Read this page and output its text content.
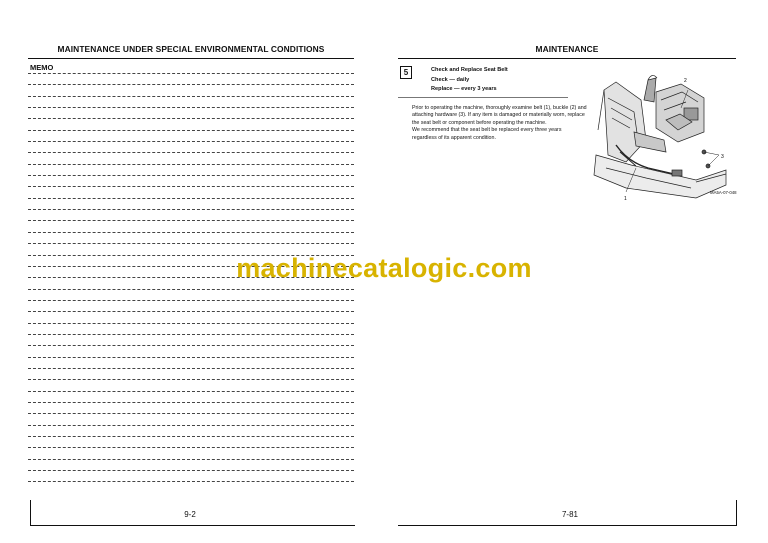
MAINTENANCE UNDER SPECIAL ENVIRONMENTAL CONDITIONS
MEMO
9-2
MAINTENANCE
5	Check and Replace Seat Belt
Check — daily
Replace — every 3 years

Prior to operating the machine, thoroughly examine belt (1), buckle (2) and attaching hardware (3). If any item is damaged or materially worn, replace the seat belt or component before operating the machine.

We recommend that the seat belt be replaced every three years regardless of its apparent condition.

2
3
1
MA5A-07-048
7-81
machinecatalogic.com
